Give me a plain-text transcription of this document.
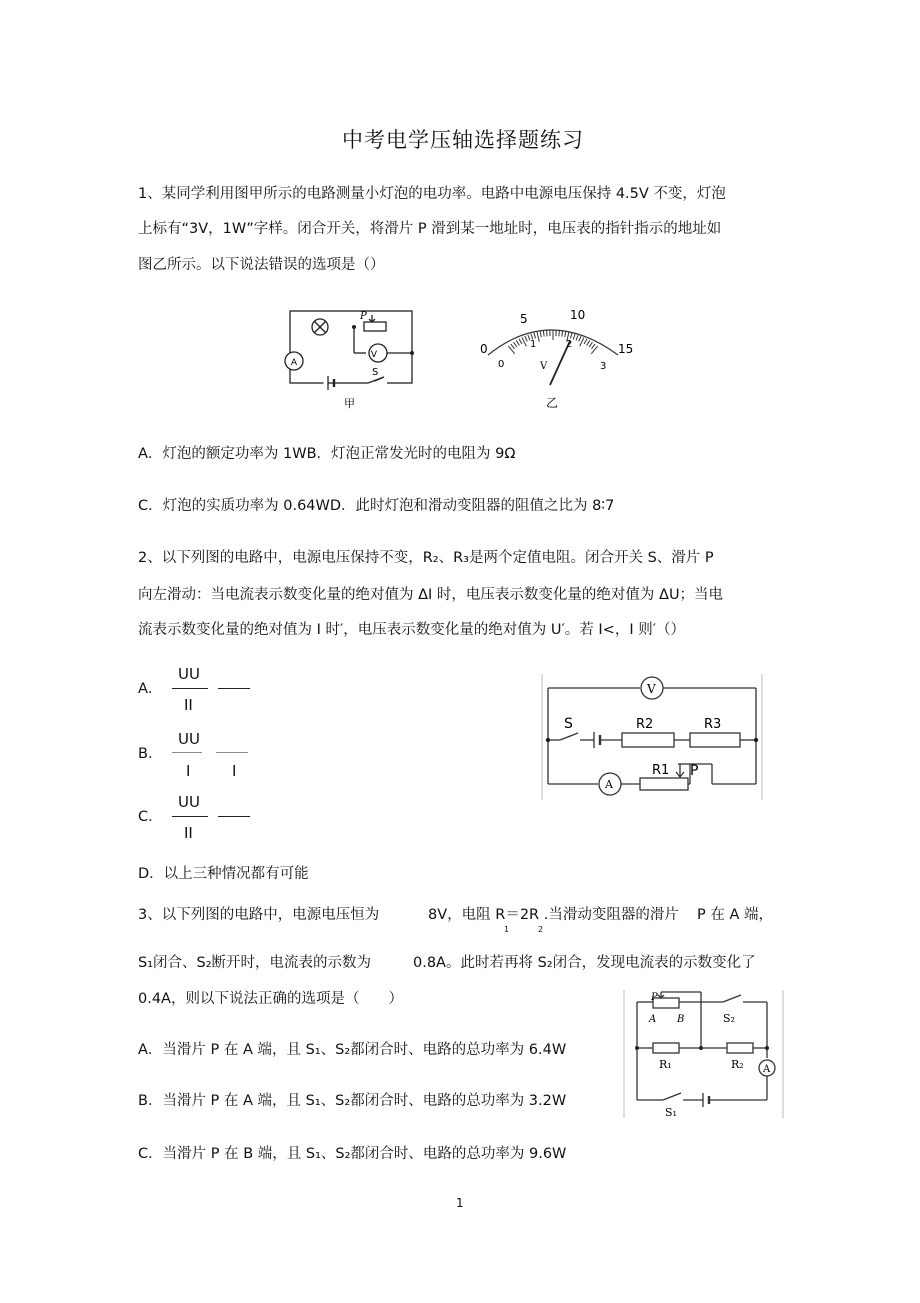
中考电学压轴选择题练习
1、某同学利用图甲所示的电路测量小灯泡的电功率。电路中电源电压保持 4.5V 不变，灯泡
上标有“3V，1W”字样。闭合开关，将滑片 P 滑到某一地址时，电压表的指针指示的地址如
图乙所示。以下说法错误的选项是（）
P
V
A
S
甲
0
5	10
15
0
1	2
3
V
乙
A．灯泡的额定功率为 1WB．灯泡正常发光时的电阻为 9Ω
C．灯泡的实质功率为 0.64WD．此时灯泡和滑动变阻器的阻值之比为 8∶7
2、以下列图的电路中，电源电压保持不变，R₂、R₃是两个定值电阻。闭合开关 S、滑片 P
向左滑动：当电流表示数变化量的绝对值为 ΔI 时，电压表示数变化量的绝对值为 ΔU；当电
流表示数变化量的绝对值为 I 时′，电压表示数变化量的绝对值为 U′。若 I<，I 则′（）
A．
UU
II
B．
UU
I	I
C．
UU
II
D．以上三种情况都有可能
V
S	R2	R3
A
R1 P
3、以下列图的电路中，电源电压恒为	8V，电阻 R＝2R .当滑动变阻器的滑片 P 在 A 端，
1	2
S₁闭合、S₂断开时，电流表的示数为	0.8A。此时若再将 S₂闭合，发现电流表的示数变化了
0.4A，则以下说法正确的选项是（　　）
A．当滑片 P 在 A 端，且 S₁、S₂都闭合时、电路的总功率为 6.4W
B．当滑片 P 在 A 端，且 S₁、S₂都闭合时、电路的总功率为 3.2W
C．当滑片 P 在 B 端，且 S₁、S₂都闭合时、电路的总功率为 9.6W
P
A B	S₂
R₁	R₂ A
S₁
1
